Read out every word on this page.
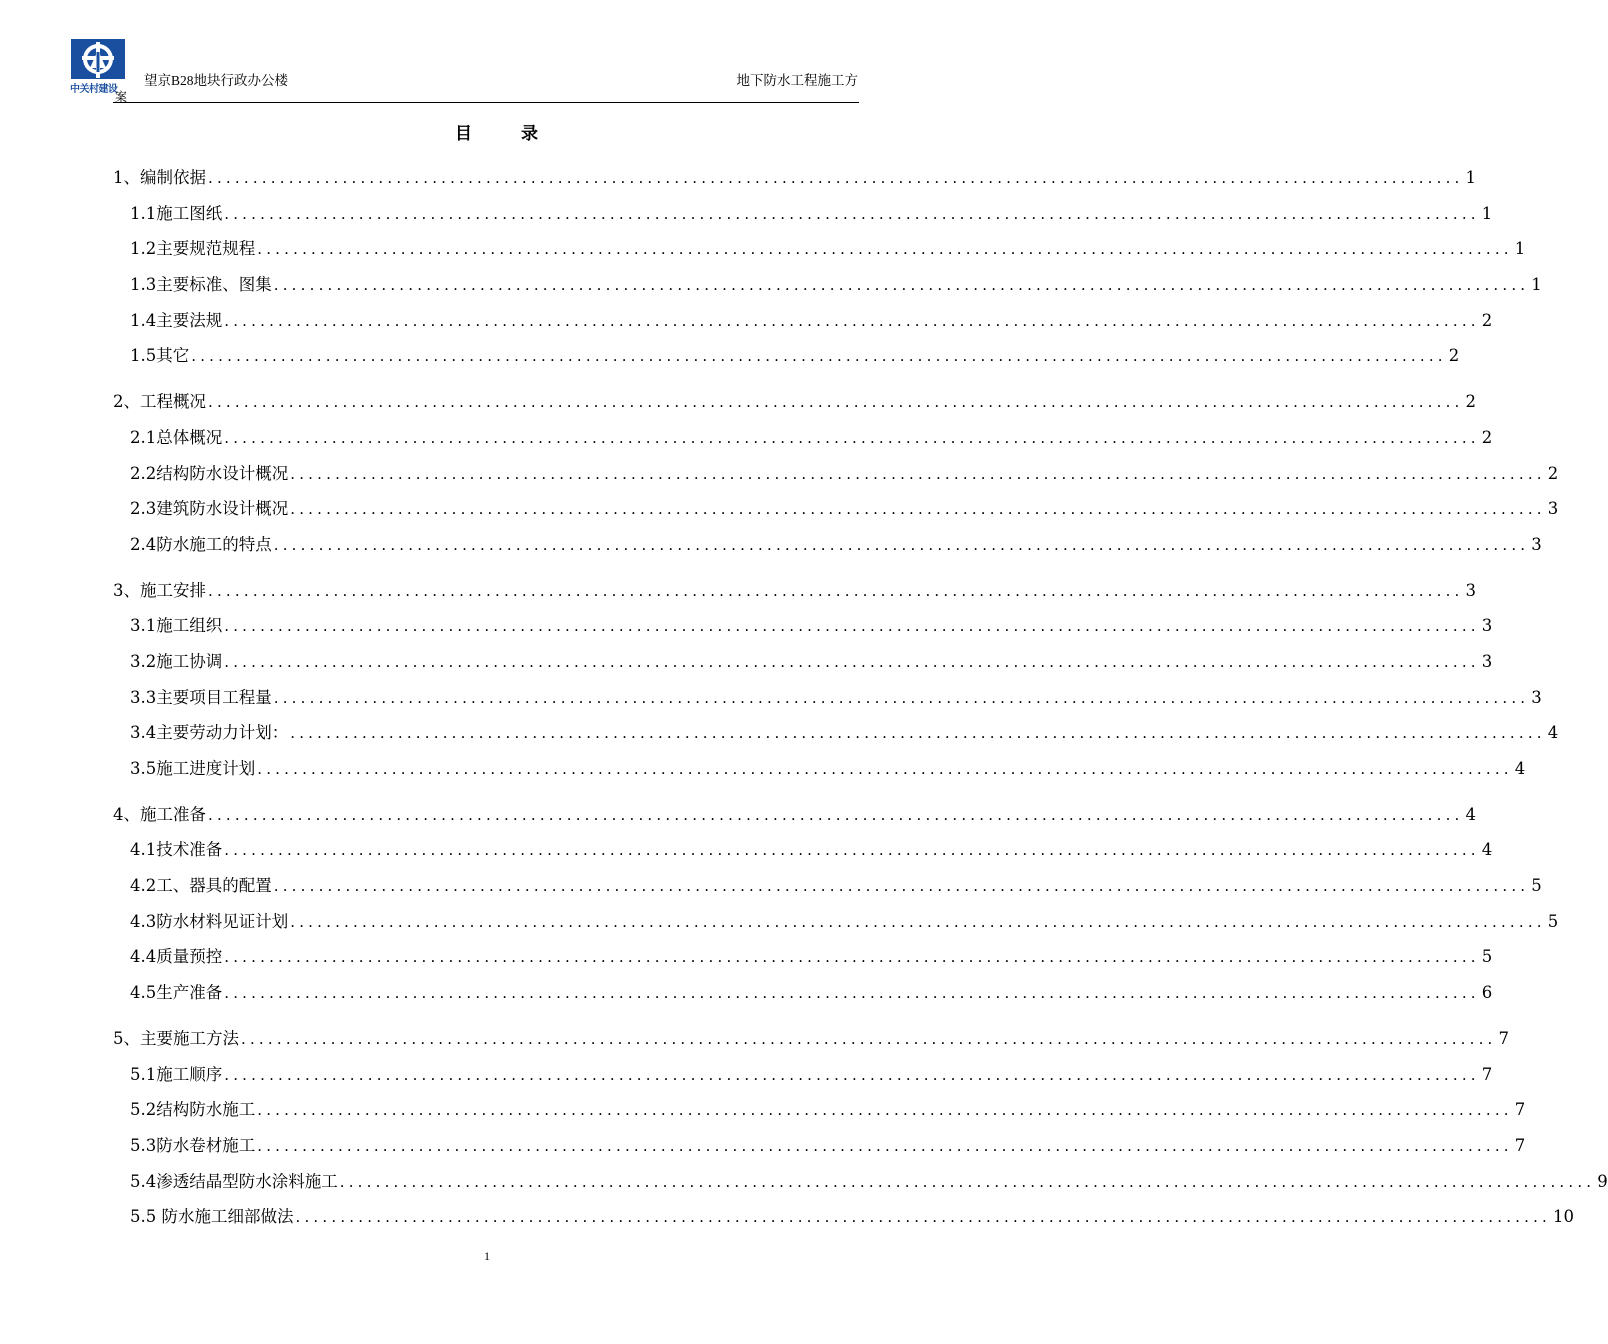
中关村建设
望京B28地块行政办公楼	地下防水工程施工方
案
目	录
1、编制依据 ............................................................................................................................................ 1
1.1施工图纸 ............................................................................................................................................ 1
1.2主要规范规程 ............................................................................................................................................ 1
1.3主要标准、图集 ............................................................................................................................................ 1
1.4主要法规 ............................................................................................................................................ 2
1.5其它 ............................................................................................................................................ 2
2、工程概况 ............................................................................................................................................ 2
2.1总体概况 ............................................................................................................................................ 2
2.2结构防水设计概况 ............................................................................................................................................ 2
2.3建筑防水设计概况 ............................................................................................................................................ 3
2.4防水施工的特点 ............................................................................................................................................ 3
3、施工安排 ............................................................................................................................................ 3
3.1施工组织 ............................................................................................................................................ 3
3.2施工协调 ............................................................................................................................................ 3
3.3主要项目工程量 ............................................................................................................................................ 3
3.4主要劳动力计划： ............................................................................................................................................ 4
3.5施工进度计划 ............................................................................................................................................ 4
4、施工准备 ............................................................................................................................................ 4
4.1技术准备 ............................................................................................................................................ 4
4.2工、器具的配置 ............................................................................................................................................ 5
4.3防水材料见证计划 ............................................................................................................................................ 5
4.4质量预控 ............................................................................................................................................ 5
4.5生产准备 ............................................................................................................................................ 6
5、主要施工方法 ............................................................................................................................................ 7
5.1施工顺序 ............................................................................................................................................ 7
5.2结构防水施工 ............................................................................................................................................ 7
5.3防水卷材施工 ............................................................................................................................................ 7
5.4渗透结晶型防水涂料施工 ............................................................................................................................................ 9
5.5 防水施工细部做法 ............................................................................................................................................ 10
1
